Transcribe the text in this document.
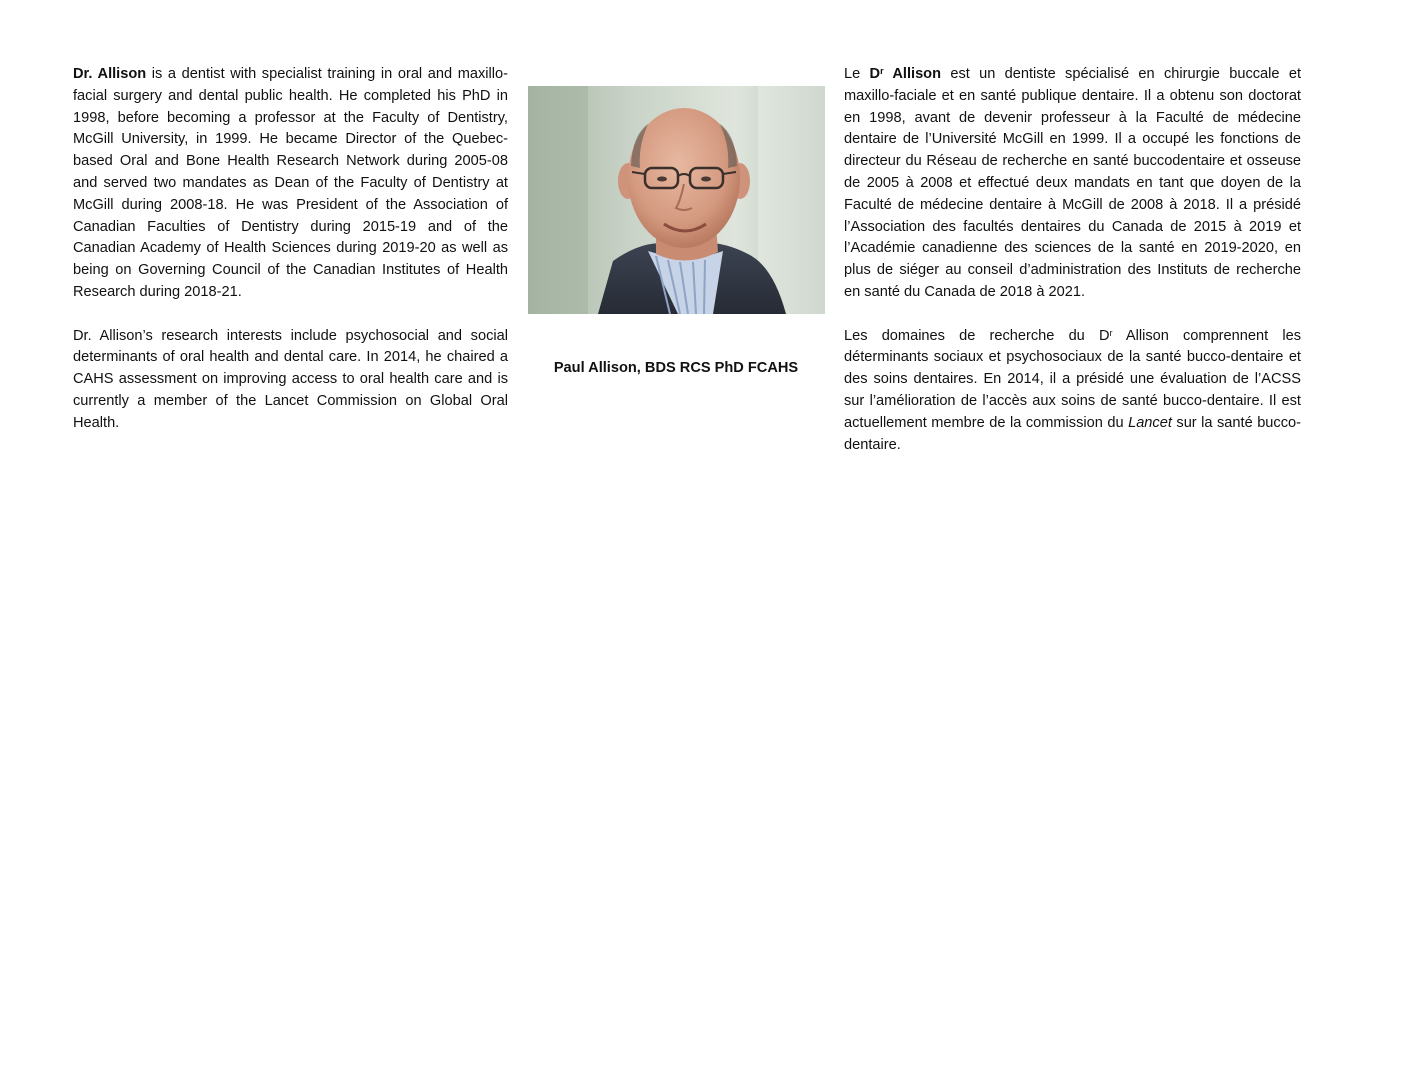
Dr. Allison is a dentist with specialist training in oral and maxillo-facial surgery and dental public health. He completed his PhD in 1998, before becoming a professor at the Faculty of Dentistry, McGill University, in 1999. He became Director of the Quebec-based Oral and Bone Health Research Network during 2005-08 and served two mandates as Dean of the Faculty of Dentistry at McGill during 2008-18. He was President of the Association of Canadian Faculties of Dentistry during 2015-19 and of the Canadian Academy of Health Sciences during 2019-20 as well as being on Governing Council of the Canadian Institutes of Health Research during 2018-21.

Dr. Allison’s research interests include psychosocial and social determinants of oral health and dental care. In 2014, he chaired a CAHS assessment on improving access to oral health care and is currently a member of the Lancet Commission on Global Oral Health.

Paul Allison, BDS RCS PhD FCAHS

Le $D^r$ Allison est un dentiste spécialisé en chirurgie buccale et maxillo-faciale et en santé publique dentaire. Il a obtenu son doctorat en 1998, avant de devenir professeur à la Faculté de médecine dentaire de l’Université McGill en 1999. Il a occupé les fonctions de directeur du Réseau de recherche en santé buccodentaire et osseuse de 2005 à 2008 et effectué deux mandats en tant que doyen de la Faculté de médecine dentaire à McGill de 2008 à 2018. Il a présidé l’Association des facultés dentaires du Canada de 2015 à 2019 et l’Académie canadienne des sciences de la santé en 2019-2020, en plus de siéger au conseil d’administration des Instituts de recherche en santé du Canada de 2018 à 2021.

Les domaines de recherche du $D^r$ Allison comprennent les déterminants sociaux et psychosociaux de la santé bucco-dentaire et des soins dentaires. En 2014, il a présidé une évaluation de l’ACSS sur l’amélioration de l’accès aux soins de santé bucco-dentaire. Il est actuellement membre de la commission du Lancet sur la santé bucco-dentaire.
